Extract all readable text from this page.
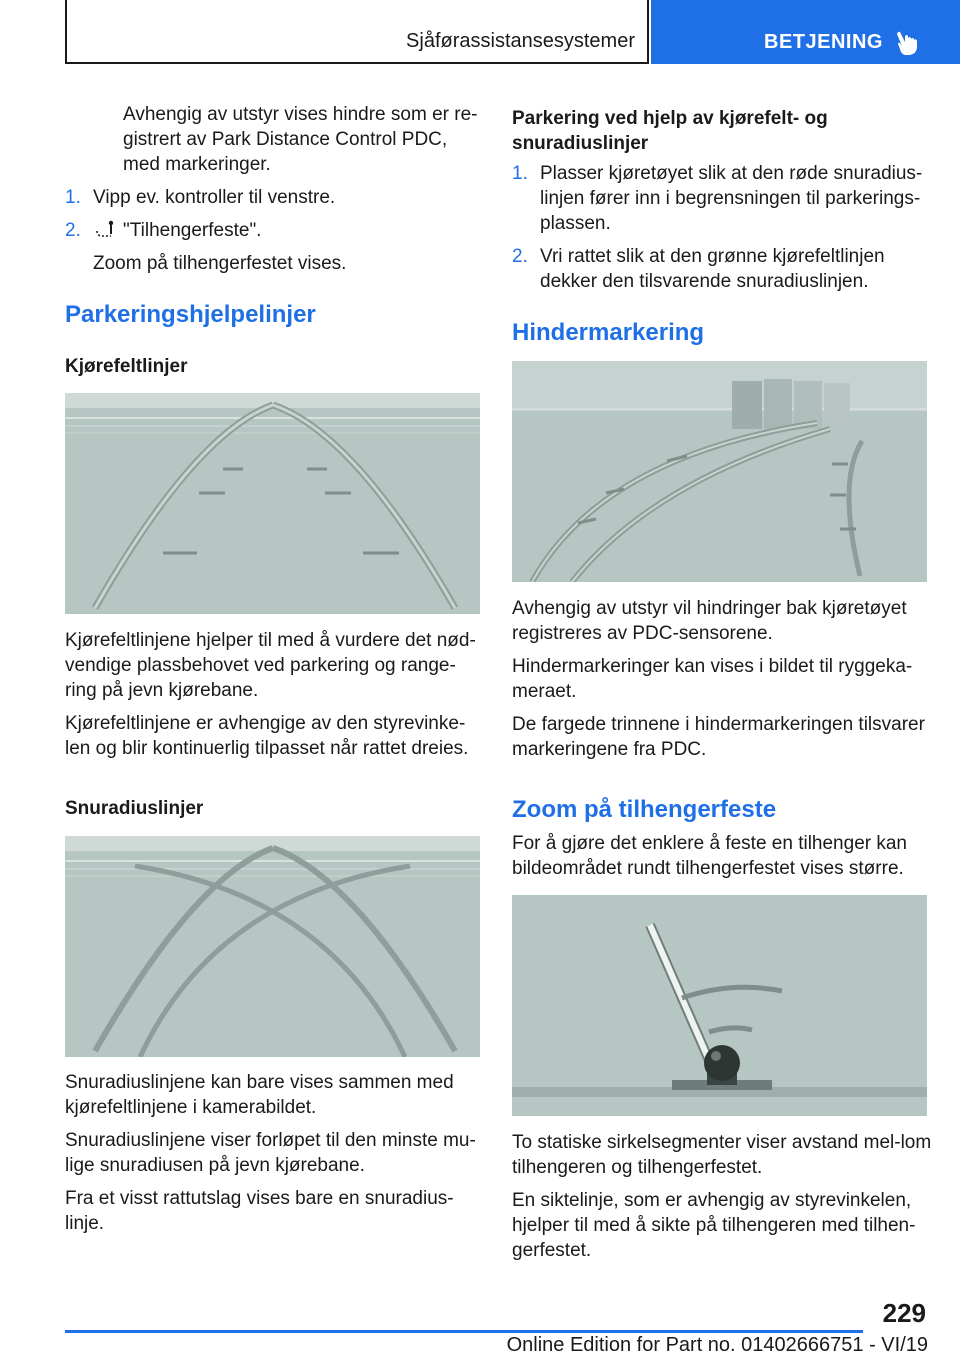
Sjåførassistansesystemer	BETJENING

Avhengig av utstyr vises hindre som er re-gistrert av Park Distance Control PDC, med markeringer.

1. Vipp ev. kontroller til venstre.
2. "Tilhengerfeste".

Zoom på tilhengerfestet vises.

Parkeringshjelpelinjer
Kjørefeltlinjer

Kjørefeltlinjene hjelper til med å vurdere det nød-vendige plassbehovet ved parkering og range-ring på jevn kjørebane.

Kjørefeltlinjene er avhengige av den styrevinke-len og blir kontinuerlig tilpasset når rattet dreies.

Snuradiuslinjer

Snuradiuslinjene kan bare vises sammen med kjørefeltlinjene i kamerabildet.

Snuradiuslinjene viser forløpet til den minste mu-lige snuradiusen på jevn kjørebane.

Fra et visst rattutslag vises bare en snuradius-linje.

Parkering ved hjelp av kjørefelt- og snuradiuslinjer
1. Plasser kjøretøyet slik at den røde snuradius-linjen fører inn i begrensningen til parkerings-plassen.
2. Vri rattet slik at den grønne kjørefeltlinjen dekker den tilsvarende snuradiuslinjen.
Hindermarkering

Avhengig av utstyr vil hindringer bak kjøretøyet registreres av PDC-sensorene.

Hindermarkeringer kan vises i bildet til ryggeka-meraet.

De fargede trinnene i hindermarkeringen tilsvarer markeringene fra PDC.

Zoom på tilhengerfeste

For å gjøre det enklere å feste en tilhenger kan bildeområdet rundt tilhengerfestet vises større.

To statiske sirkelsegmenter viser avstand mel-lom tilhengeren og tilhengerfestet.

En siktelinje, som er avhengig av styrevinkelen, hjelper til med å sikte på tilhengeren med tilhen-gerfestet.

229
Online Edition for Part no. 01402666751 - VI/19
